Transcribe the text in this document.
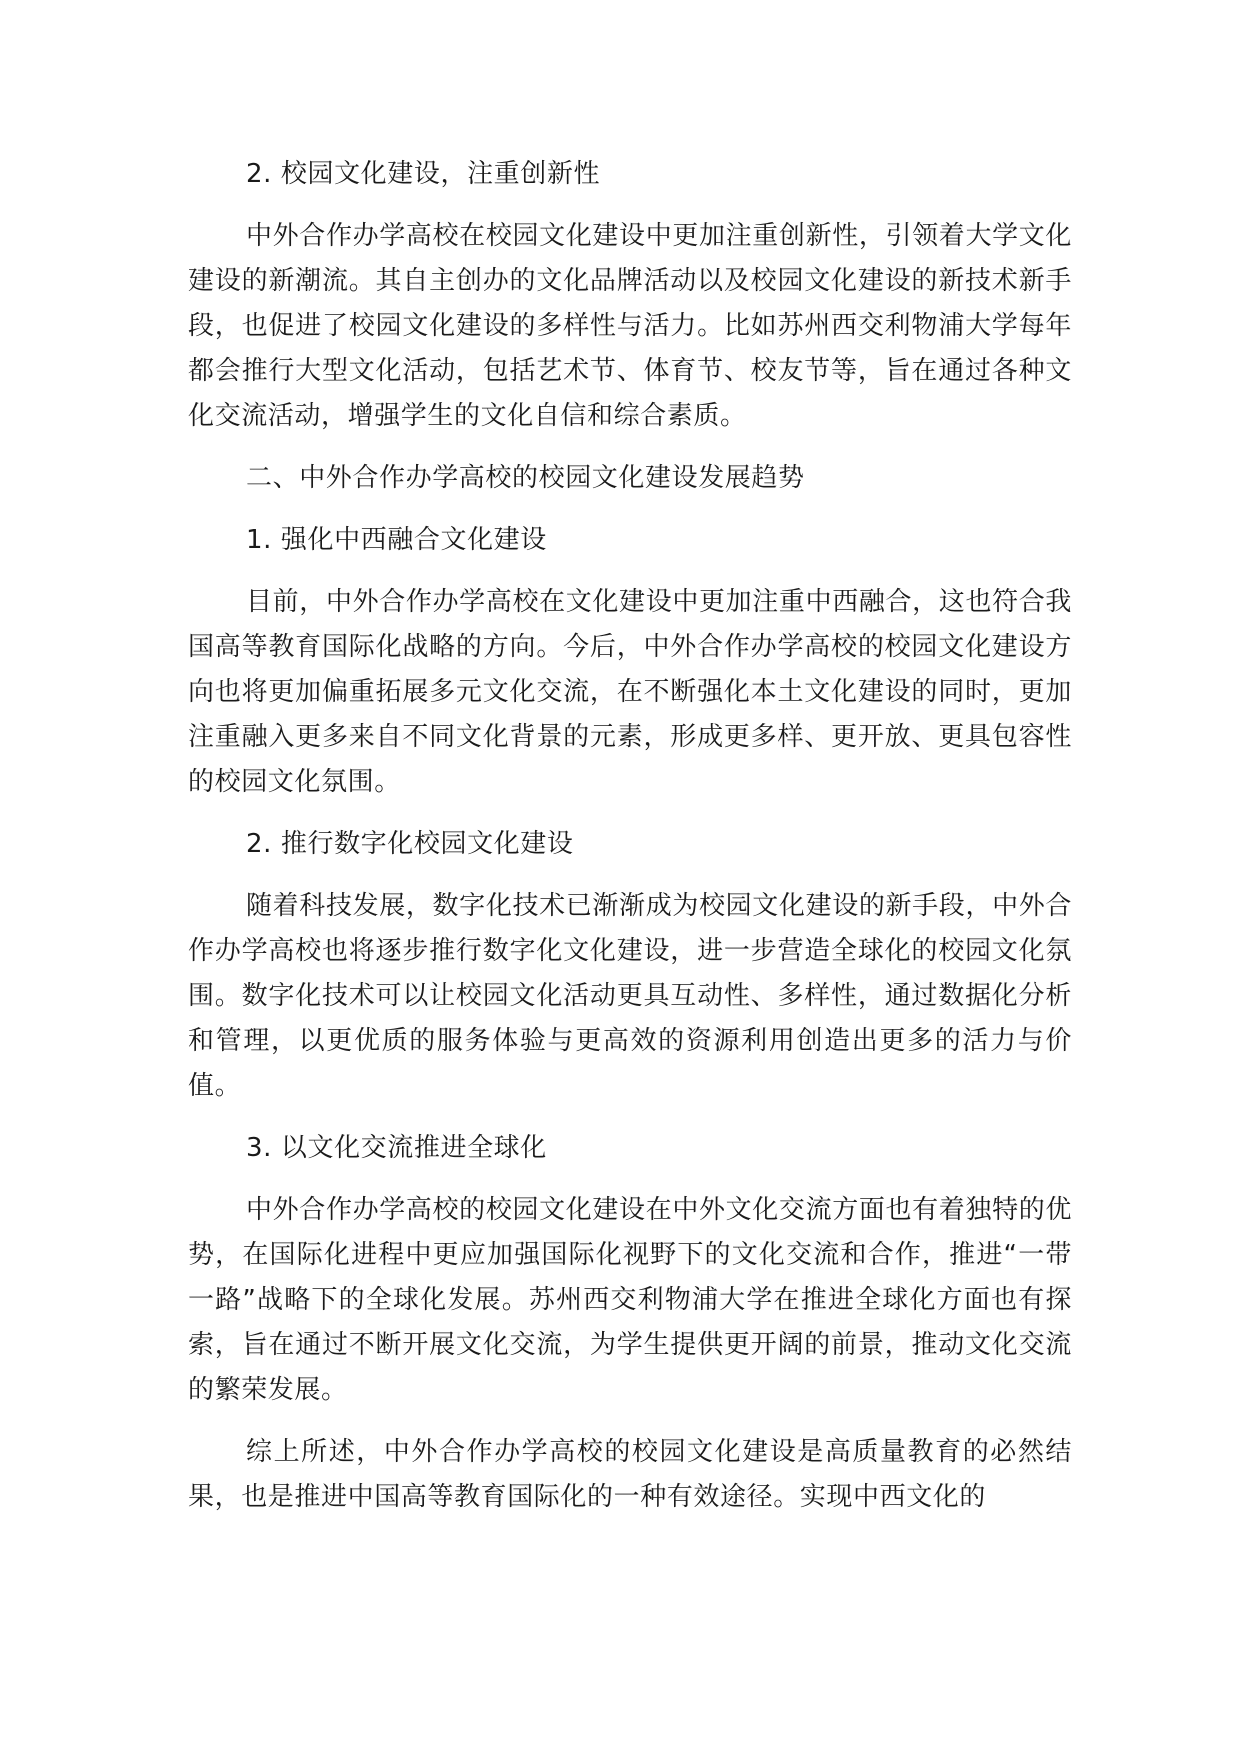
2. 校园文化建设，注重创新性

中外合作办学高校在校园文化建设中更加注重创新性，引领着大学文化建设的新潮流。其自主创办的文化品牌活动以及校园文化建设的新技术新手段，也促进了校园文化建设的多样性与活力。比如苏州西交利物浦大学每年都会推行大型文化活动，包括艺术节、体育节、校友节等，旨在通过各种文化交流活动，增强学生的文化自信和综合素质。

二、中外合作办学高校的校园文化建设发展趋势

1. 强化中西融合文化建设

目前，中外合作办学高校在文化建设中更加注重中西融合，这也符合我国高等教育国际化战略的方向。今后，中外合作办学高校的校园文化建设方向也将更加偏重拓展多元文化交流，在不断强化本土文化建设的同时，更加注重融入更多来自不同文化背景的元素，形成更多样、更开放、更具包容性的校园文化氛围。

2. 推行数字化校园文化建设

随着科技发展，数字化技术已渐渐成为校园文化建设的新手段，中外合作办学高校也将逐步推行数字化文化建设，进一步营造全球化的校园文化氛围。数字化技术可以让校园文化活动更具互动性、多样性，通过数据化分析和管理，以更优质的服务体验与更高效的资源利用创造出更多的活力与价值。

3. 以文化交流推进全球化

中外合作办学高校的校园文化建设在中外文化交流方面也有着独特的优势，在国际化进程中更应加强国际化视野下的文化交流和合作，推进“一带一路”战略下的全球化发展。苏州西交利物浦大学在推进全球化方面也有探索，旨在通过不断开展文化交流，为学生提供更开阔的前景，推动文化交流的繁荣发展。

综上所述，中外合作办学高校的校园文化建设是高质量教育的必然结果，也是推进中国高等教育国际化的一种有效途径。实现中西文化的
